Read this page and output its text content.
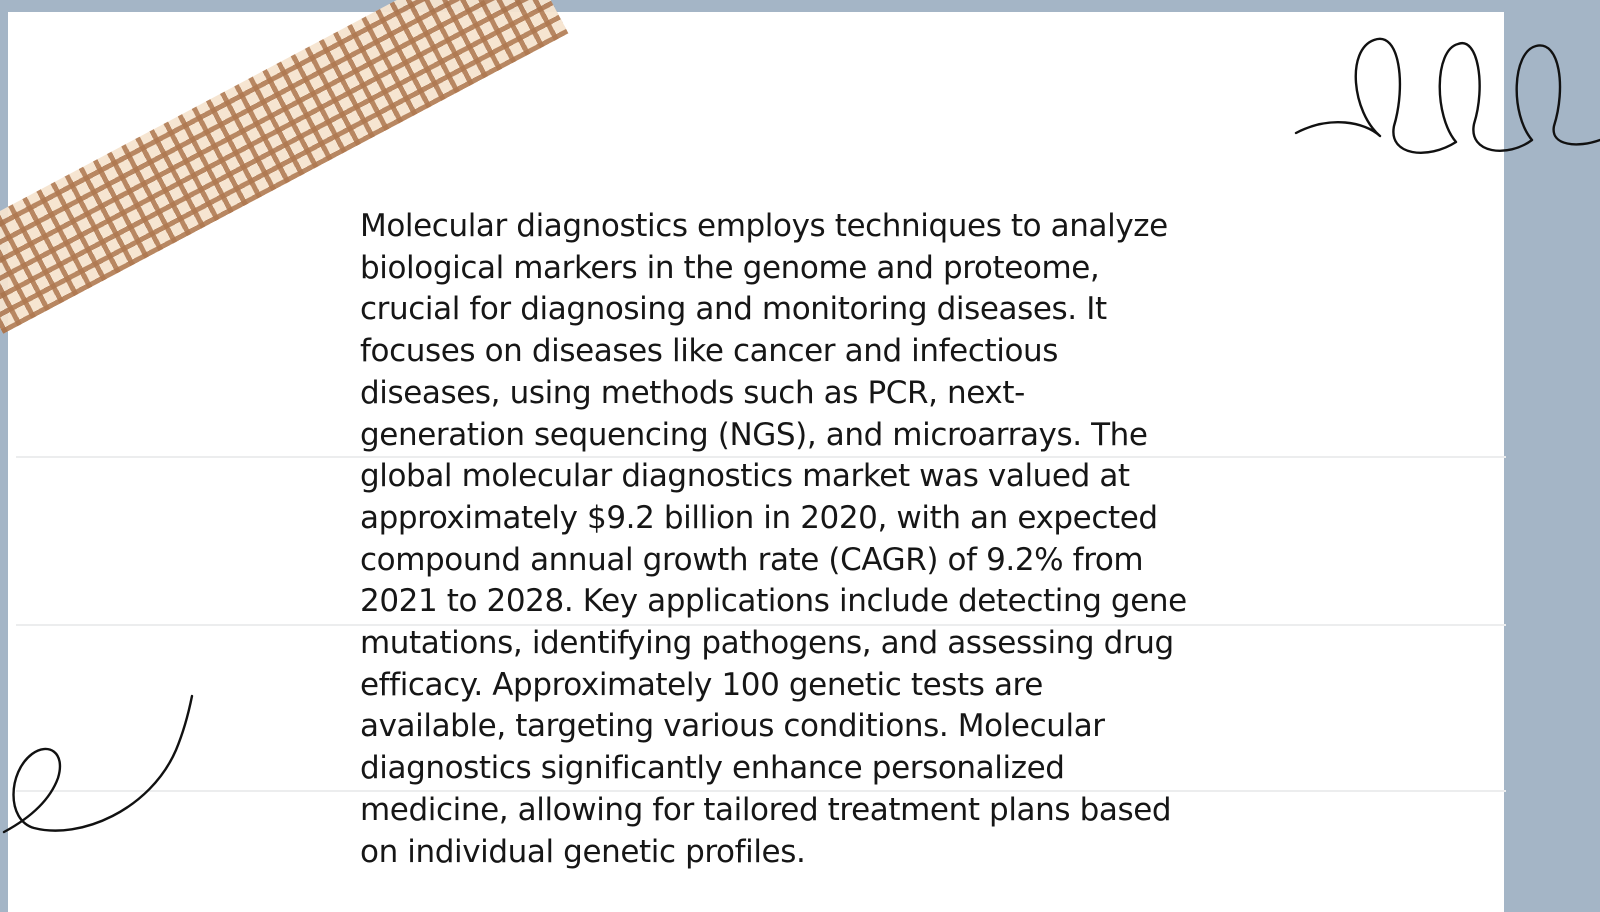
Molecular diagnostics employs techniques to analyze
biological markers in the genome and proteome,
crucial for diagnosing and monitoring diseases. It
focuses on diseases like cancer and infectious
diseases, using methods such as PCR, next-
generation sequencing (NGS), and microarrays. The
global molecular diagnostics market was valued at
approximately $9.2 billion in 2020, with an expected
compound annual growth rate (CAGR) of 9.2% from
2021 to 2028. Key applications include detecting gene
mutations, identifying pathogens, and assessing drug
efficacy. Approximately 100 genetic tests are
available, targeting various conditions. Molecular
diagnostics significantly enhance personalized
medicine, allowing for tailored treatment plans based
on individual genetic profiles.
